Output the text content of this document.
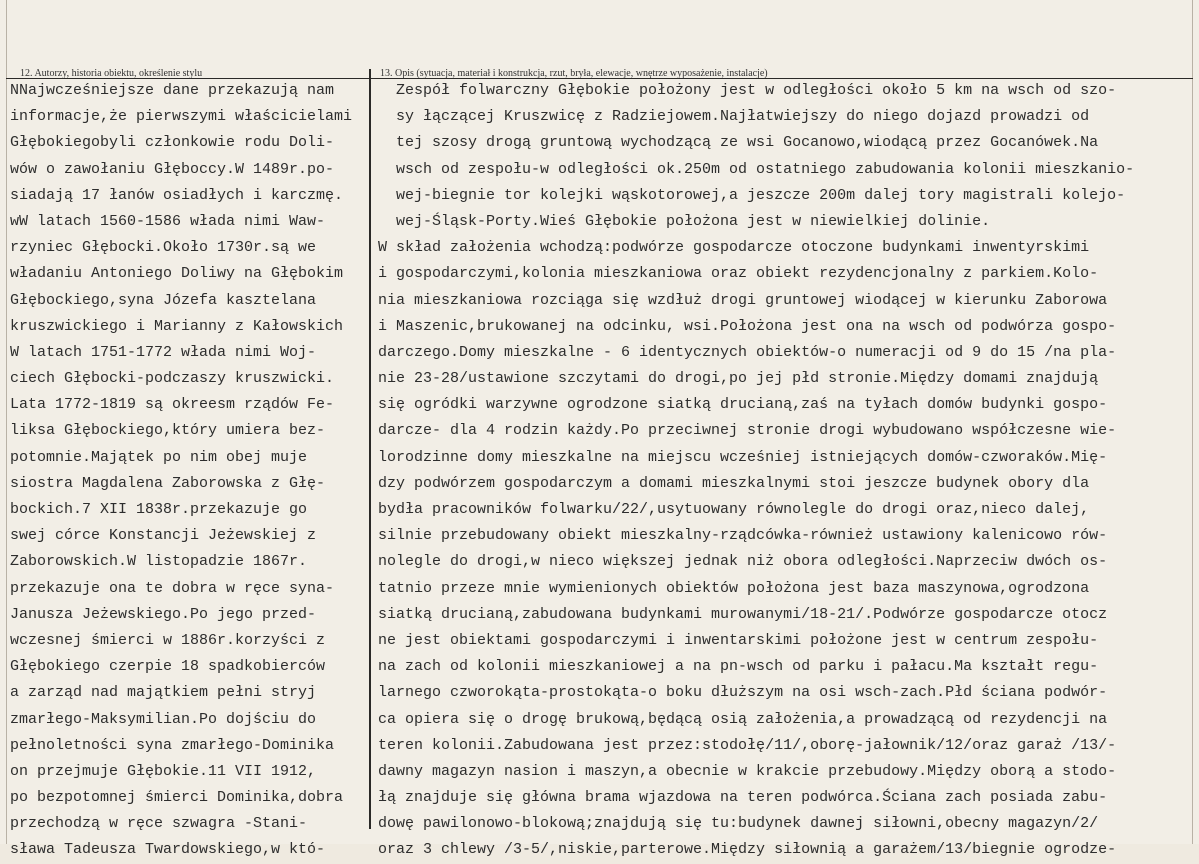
12. Autorzy, historia obiektu, określenie stylu	13. Opis (sytuacja, materiał i konstrukcja, rzut, bryła, elewacje, wnętrze wyposażenie, instalacje)
NNajwcześniejsze dane przekazują nam
informacje,że pierwszymi właścicielami
Głębokiegobyli członkowie rodu Doli-
wów o zawołaniu Głęboccy.W 1489r.po-
siadają 17 łanów osiadłych i karczmę.
wW latach 1560-1586 włada nimi Waw-
rzyniec Głębocki.Około 1730r.są we
władaniu Antoniego Doliwy na Głębokim
Głębockiego,syna Józefa kasztelana
kruszwickiego i Marianny z Kałowskich
W latach 1751-1772 włada nimi Woj-
ciech Głębocki-podczaszy kruszwicki.
Lata 1772-1819 są okreesm rządów Fe-
liksa Głębockiego,który umiera bez-
potomnie.Majątek po nim obej muje
siostra Magdalena Zaborowska z Głę-
bockich.7 XII 1838r.przekazuje go
swej córce Konstancji Jeżewskiej z
Zaborowskich.W listopadzie 1867r.
przekazuje ona te dobra w ręce syna-
Janusza Jeżewskiego.Po jego przed-
wczesnej śmierci w 1886r.korzyści z
Głębokiego czerpie 18 spadkobierców
a zarząd nad majątkiem pełni stryj
zmarłego-Maksymilian.Po dojściu do
pełnoletności syna zmarłego-Dominika
on przejmuje Głębokie.11 VII 1912,
po bezpotomnej śmierci Dominika,dobra
przechodzą w ręce szwagra -Stani-
sława Tadeusza Twardowskiego,w któ-
Zespół folwarczny Głębokie położony jest w odległości około 5 km na wsch od szo-
sy łączącej Kruszwicę z Radziejowem.Najłatwiejszy do niego dojazd prowadzi od
tej szosy drogą gruntową wychodzącą ze wsi Gocanowo,wiodącą przez Gocanówek.Na
wsch od zespołu-w odległości ok.250m od ostatniego zabudowania kolonii mieszkanio-
wej-biegnie tor kolejki wąskotorowej,a jeszcze 200m dalej tory magistrali kolejo-
wej-Śląsk-Porty.Wieś Głębokie położona jest w niewielkiej dolinie.
W skład założenia wchodzą:podwórze gospodarcze otoczone budynkami inwentyrskimi
i gospodarczymi,kolonia mieszkaniowa oraz obiekt rezydencjonalny z parkiem.Kolo-
nia mieszkaniowa rozciąga się wzdłuż drogi gruntowej wiodącej w kierunku Zaborowa
i Maszenic,brukowanej na odcinku, wsi.Położona jest ona na wsch od podwórza gospo-
darczego.Domy mieszkalne - 6 identycznych obiektów-o numeracji od 9 do 15 /na pla-
nie 23-28/ustawione szczytami do drogi,po jej płd stronie.Między domami znajdują
się ogródki warzywne ogrodzone siatką drucianą,zaś na tyłach domów budynki gospo-
darcze- dla 4 rodzin każdy.Po przeciwnej stronie drogi wybudowano współczesne wie-
lorodzinne domy mieszkalne na miejscu wcześniej istniejących domów-czworaków.Mię-
dzy podwórzem gospodarczym a domami mieszkalnymi stoi jeszcze budynek obory dla
bydła pracowników folwarku/22/,usytuowany równolegle do drogi oraz,nieco dalej,
silnie przebudowany obiekt mieszkalny-rządcówka-również ustawiony kalenicowo rów-
nolegle do drogi,w nieco większej jednak niż obora odległości.Naprzeciw dwóch os-
tatnio przeze mnie wymienionych obiektów położona jest baza maszynowa,ogrodzona
siatką drucianą,zabudowana budynkami murowanymi/18-21/.Podwórze gospodarcze otocz
ne jest obiektami gospodarczymi i inwentarskimi położone jest w centrum zespołu-
na zach od kolonii mieszkaniowej a na pn-wsch od parku i pałacu.Ma kształt regu-
larnego czworokąta-prostokąta-o boku dłuższym na osi wsch-zach.Płd ściana podwór-
ca opiera się o drogę brukową,będącą osią założenia,a prowadzącą od rezydencji na
teren kolonii.Zabudowana jest przez:stodołę/11/,oborę-jałownik/12/oraz garaż /13/-
dawny magazyn nasion i maszyn,a obecnie w krakcie przebudowy.Między oborą a stodo-
łą znajduje się główna brama wjazdowa na teren podwórca.Ściana zach posiada zabu-
dowę pawilonowo-blokową;znajdują się tu:budynek dawnej siłowni,obecny magazyn/2/
oraz 3 chlewy /3-5/,niskie,parterowe.Między siłownią a garażem/13/biegnie ogrodze-
